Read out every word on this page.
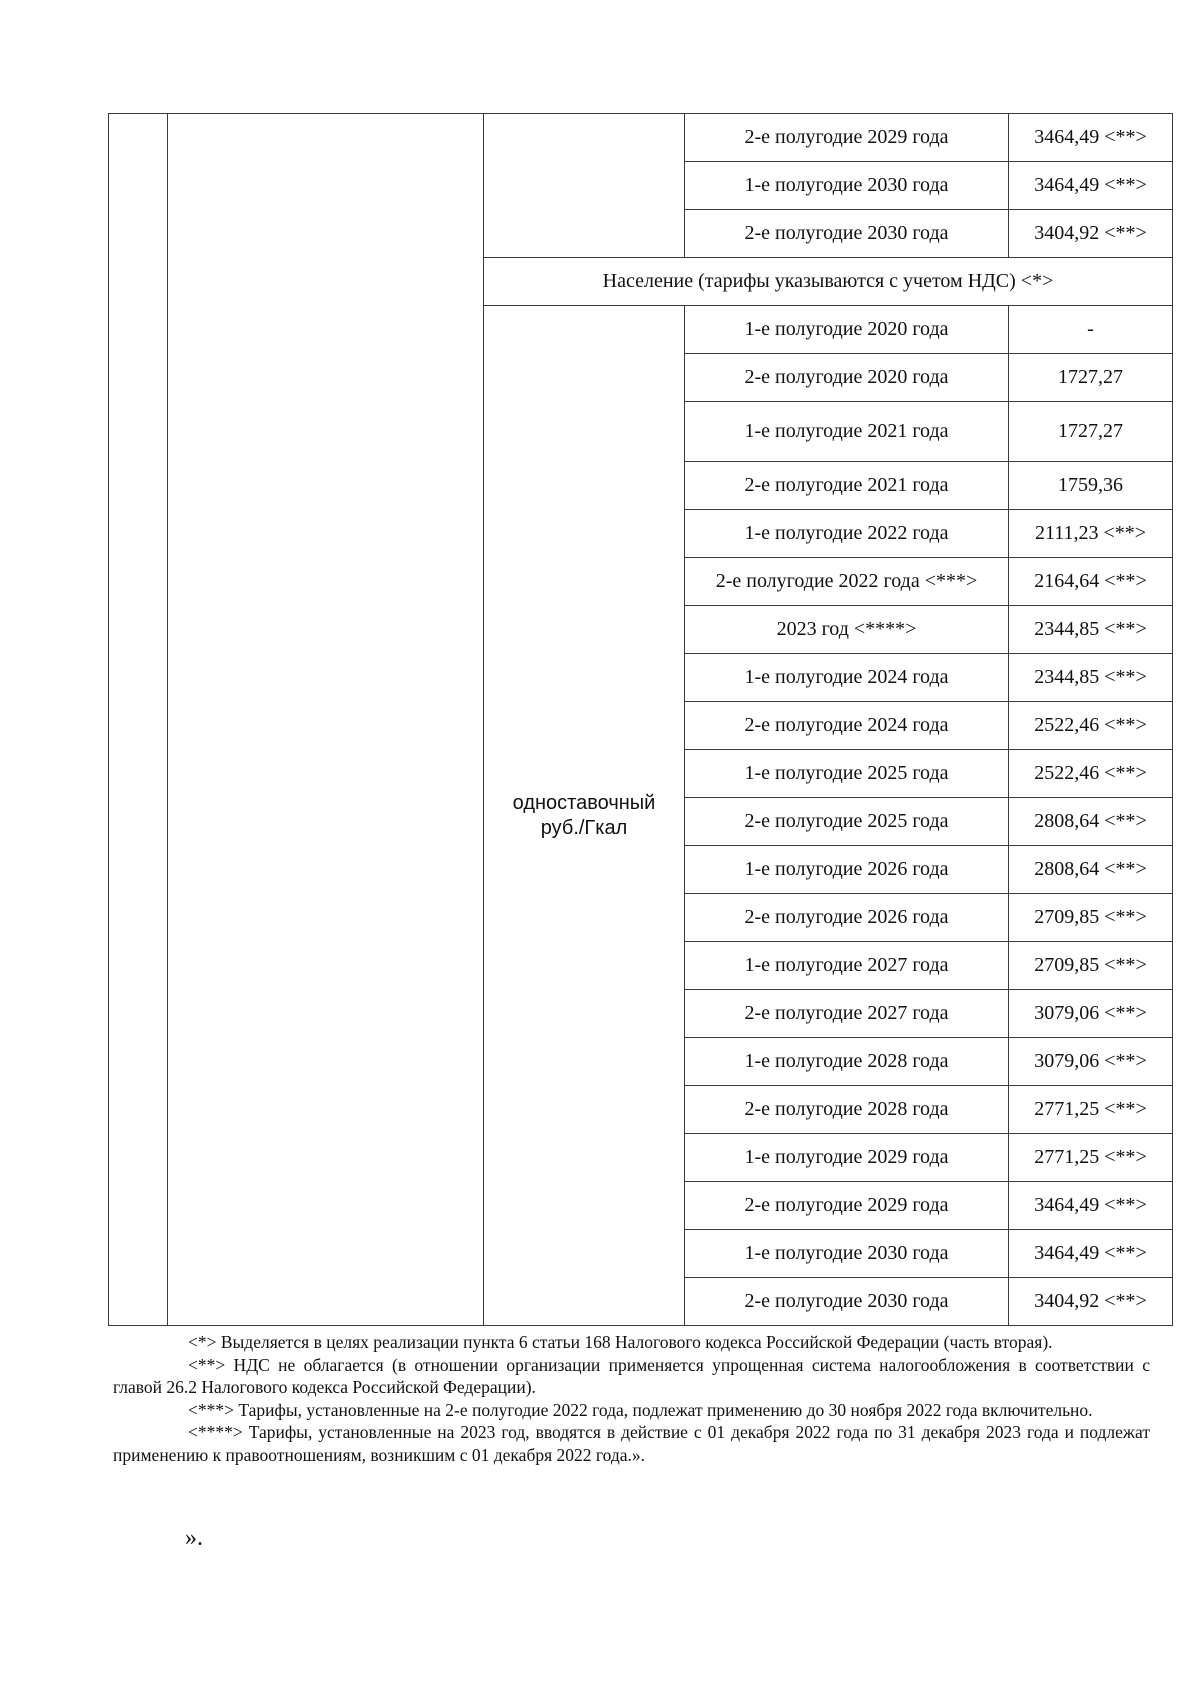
			2-е полугодие 2029 года	3464,49 <**>
			1-е полугодие 2030 года	3464,49 <**>
			2-е полугодие 2030 года	3404,92 <**>
		Население (тарифы указываются с учетом НДС) <*>		

		одноставочный
руб./Гкал	1-е полугодие 2020 года	-
			2-е полугодие 2020 года	1727,27
			1-е полугодие 2021 года	1727,27
			2-е полугодие 2021 года	1759,36
			1-е полугодие 2022 года	2111,23 <**>
			2-е полугодие 2022 года <***>	2164,64 <**>
			2023 год <****>	2344,85 <**>
			1-е полугодие 2024 года	2344,85 <**>
			2-е полугодие 2024 года	2522,46 <**>
			1-е полугодие 2025 года	2522,46 <**>
			2-е полугодие 2025 года	2808,64 <**>
			1-е полугодие 2026 года	2808,64 <**>
			2-е полугодие 2026 года	2709,85 <**>
			1-е полугодие 2027 года	2709,85 <**>
			2-е полугодие 2027 года	3079,06 <**>
			1-е полугодие 2028 года	3079,06 <**>
			2-е полугодие 2028 года	2771,25 <**>
			1-е полугодие 2029 года	2771,25 <**>
			2-е полугодие 2029 года	3464,49 <**>
			1-е полугодие 2030 года	3464,49 <**>
			2-е полугодие 2030 года	3404,92 <**>

<*> Выделяется в целях реализации пункта 6 статьи 168 Налогового кодекса Российской Федерации (часть вторая).

<**> НДС не облагается (в отношении организации применяется упрощенная система налогообложения в соответствии с главой 26.2 Налогового кодекса Российской Федерации).

<***> Тарифы, установленные на 2-е полугодие 2022 года, подлежат применению до 30 ноября 2022 года включительно.

<****> Тарифы, установленные на 2023 год, вводятся в действие с 01 декабря 2022 года по 31 декабря 2023 года и подлежат применению к правоотношениям, возникшим с 01 декабря 2022 года.».

».
